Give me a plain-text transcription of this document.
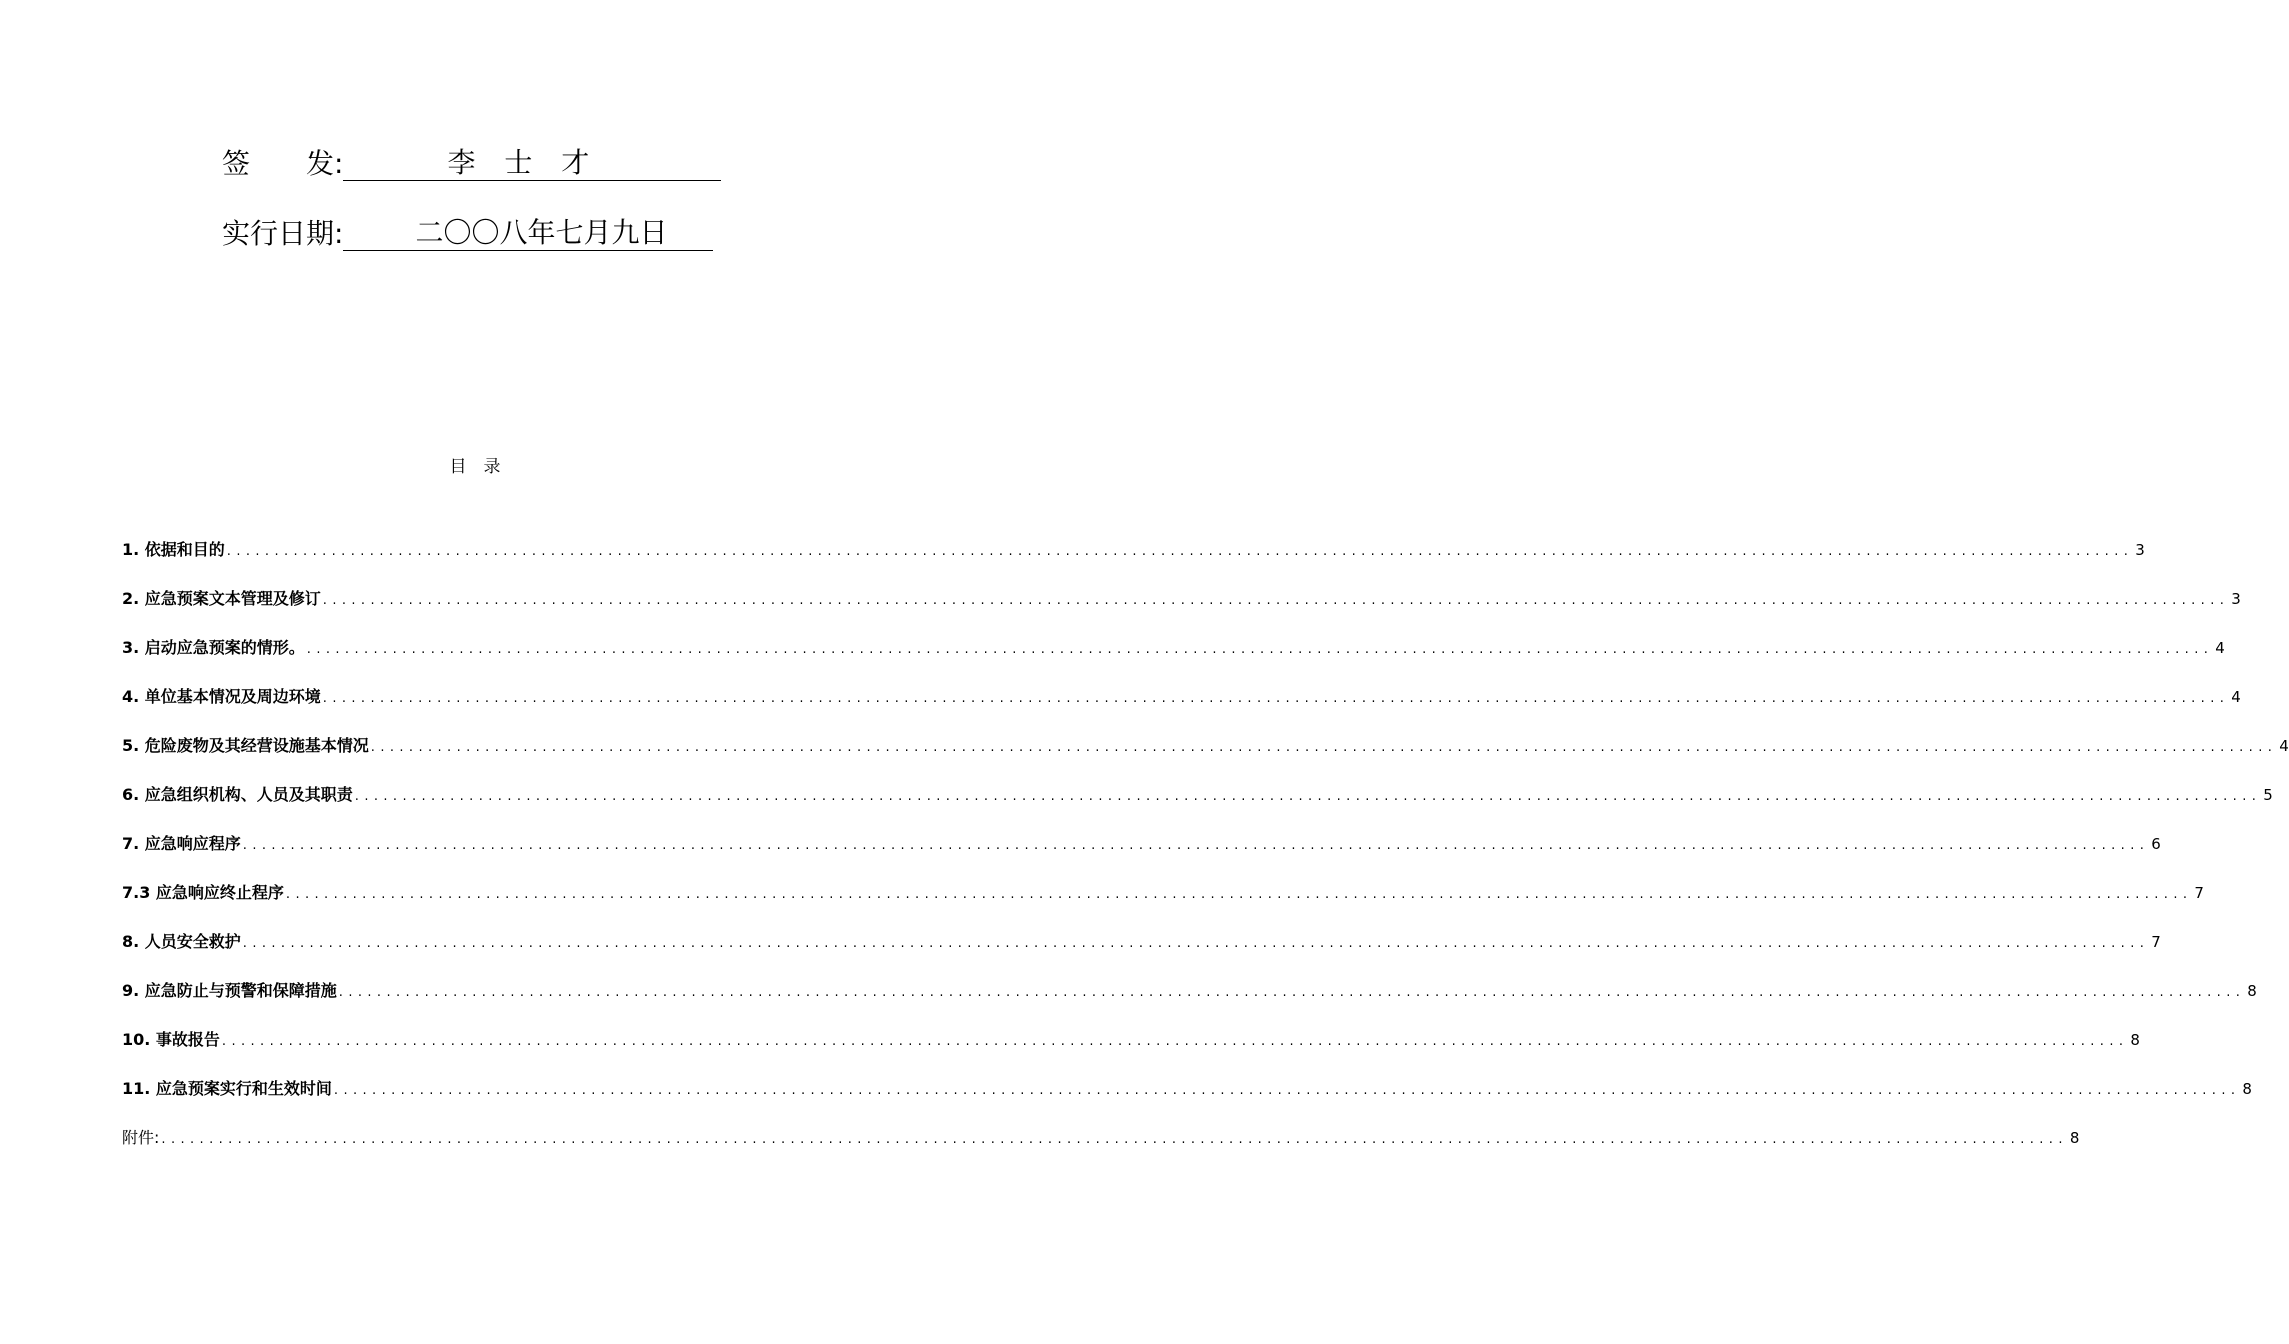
签　　发:	李 士 才
实行日期:	二〇〇八年七月九日
目　录
1. 依据和目的 ........................................................................................................................................................................................................ 3
2. 应急预案文本管理及修订 ........................................................................................................................................................................................................ 3
3. 启动应急预案的情形。 ........................................................................................................................................................................................................ 4
4. 单位基本情况及周边环境 ........................................................................................................................................................................................................ 4
5. 危险废物及其经营设施基本情况 ........................................................................................................................................................................................................ 4
6. 应急组织机构、人员及其职责 ........................................................................................................................................................................................................ 5
7. 应急响应程序 ........................................................................................................................................................................................................ 6
7.3 应急响应终止程序 ........................................................................................................................................................................................................ 7
8. 人员安全救护 ........................................................................................................................................................................................................ 7
9. 应急防止与预警和保障措施 ........................................................................................................................................................................................................ 8
10. 事故报告 ........................................................................................................................................................................................................ 8
11. 应急预案实行和生效时间 ........................................................................................................................................................................................................ 8
附件: ........................................................................................................................................................................................................ 8
